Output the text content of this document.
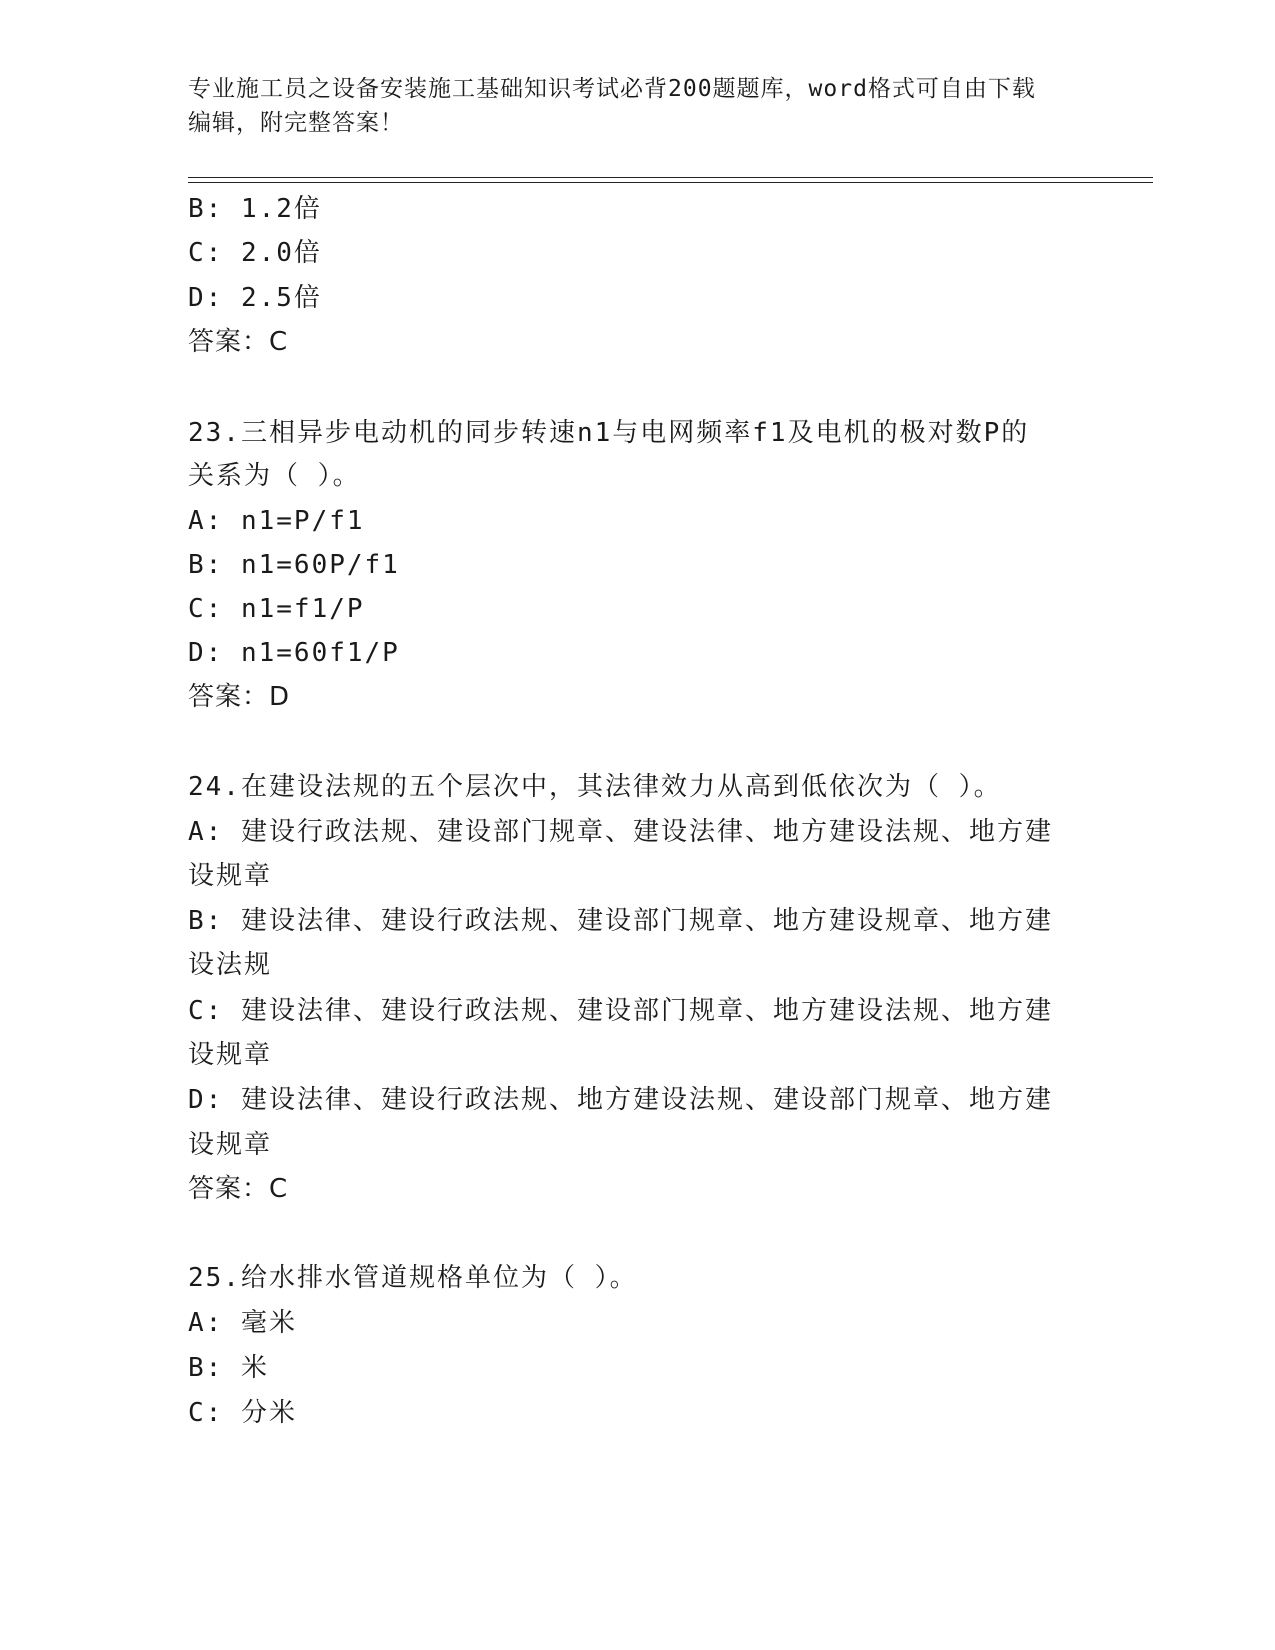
专业施工员之设备安装施工基础知识考试必背200题题库，word格式可自由下载
编辑，附完整答案！
B: 1.2倍
C: 2.0倍
D: 2.5倍
答案：C
23.三相异步电动机的同步转速n1与电网频率f1及电机的极对数P的
关系为（ ）。
A: n1=P/f1
B: n1=60P/f1
C: n1=f1/P
D: n1=60f1/P
答案：D
24.在建设法规的五个层次中，其法律效力从高到低依次为（ ）。
A: 建设行政法规、建设部门规章、建设法律、地方建设法规、地方建
设规章
B: 建设法律、建设行政法规、建设部门规章、地方建设规章、地方建
设法规
C: 建设法律、建设行政法规、建设部门规章、地方建设法规、地方建
设规章
D: 建设法律、建设行政法规、地方建设法规、建设部门规章、地方建
设规章
答案：C
25.给水排水管道规格单位为（ ）。
A: 毫米
B: 米
C: 分米
